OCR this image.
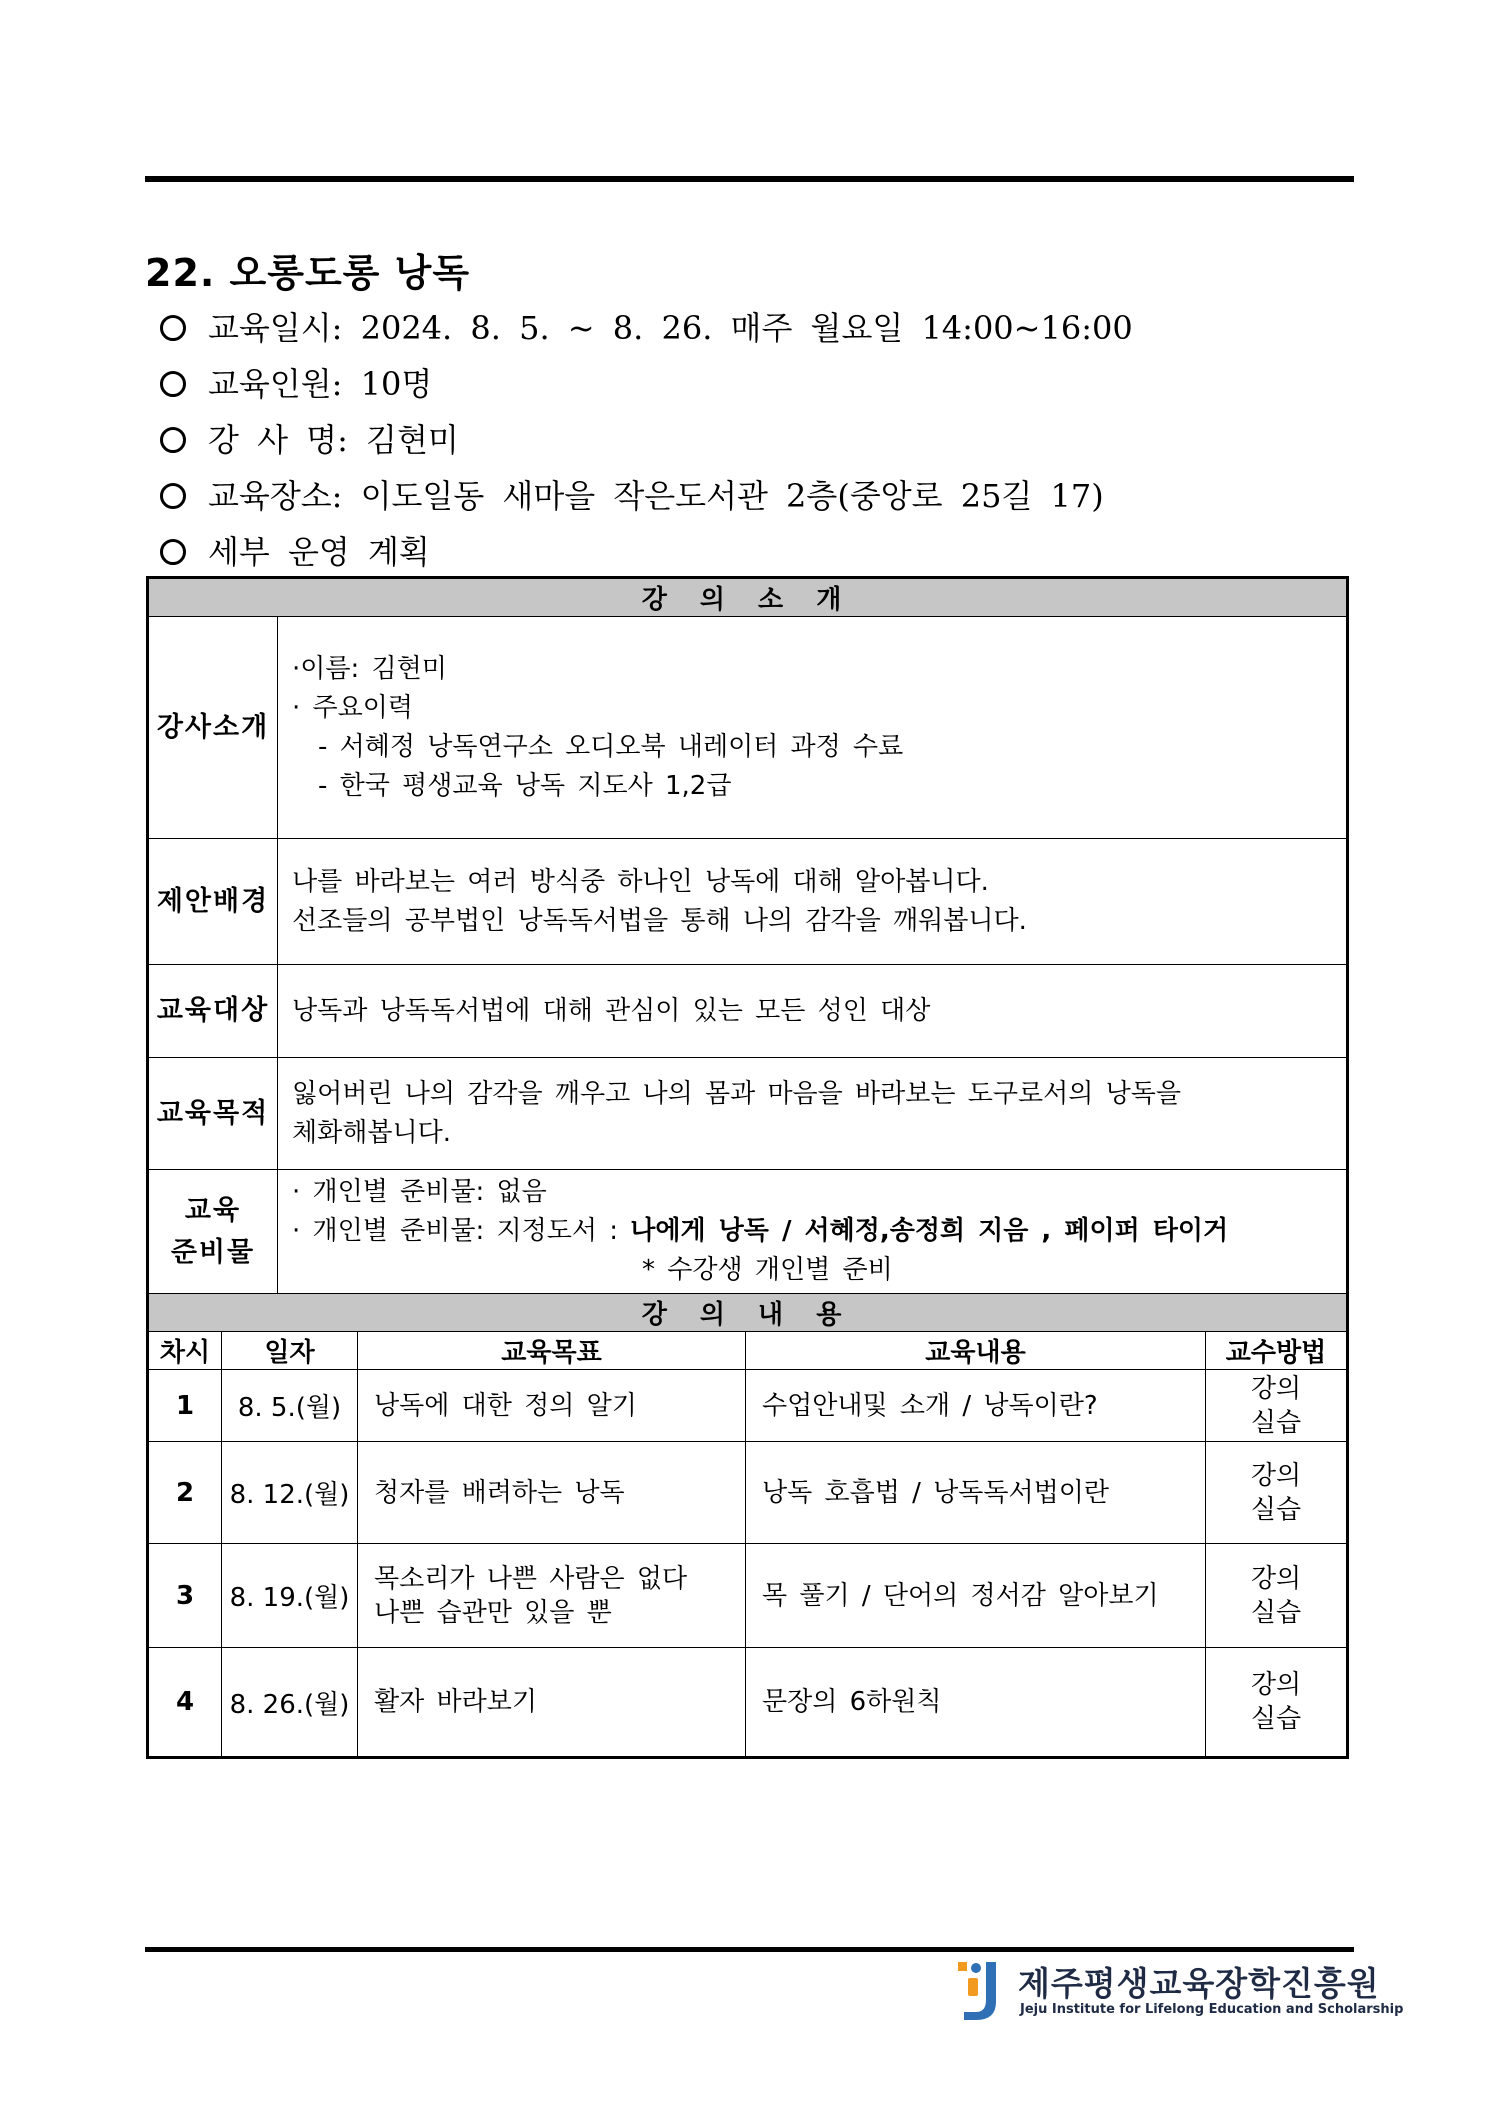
22. 오롱도롱 낭독
교육일시: 2024. 8. 5. ~ 8. 26. 매주 월요일 14:00~16:00
교육인원: 10명
강 사 명: 김현미
교육장소: 이도일동 새마을 작은도서관 2층(중앙로 25길 17)
세부 운영 계획
강 의 소 개					
강사소개		·이름: 김현미
· 주요이력
- 서혜정 낭독연구소 오디오북 내레이터 과정 수료
- 한국 평생교육 낭독 지도사 1,2급			

제안배경		나를 바라보는 여러 방식중 하나인 낭독에 대해 알아봅니다.
선조들의 공부법인 낭독독서법을 통해 나의 감각을 깨워봅니다.			

교육대상		낭독과 낭독독서법에 대해 관심이 있는 모든 성인 대상			
교육목적		잃어버린 나의 감각을 깨우고 나의 몸과 마음을 바라보는 도구로서의 낭독을
체화해봅니다.			

교육
준비물		· 개인별 준비물: 없음
· 개인별 준비물: 지정도서 : 나에게 낭독 / 서혜정,송정희 지음 , 페이퍼 타이거
* 수강생 개인별 준비			

강 의 내 용					
차시	일자		교육목표	교육내용	교수방법
1	8. 5.(월)		낭독에 대한 정의 알기	수업안내및 소개 / 낭독이란?	강의
실습

2	8. 12.(월)		청자를 배려하는 낭독	낭독 호흡법 / 낭독독서법이란	강의
실습

3	8. 19.(월)		목소리가 나쁜 사람은 없다
나쁜 습관만 있을 뿐	목 풀기 / 단어의 정서감 알아보기	강의
실습

4	8. 26.(월)		활자 바라보기	문장의 6하원칙	강의
실습
제주평생교육장학진흥원
Jeju Institute for Lifelong Education and Scholarship
